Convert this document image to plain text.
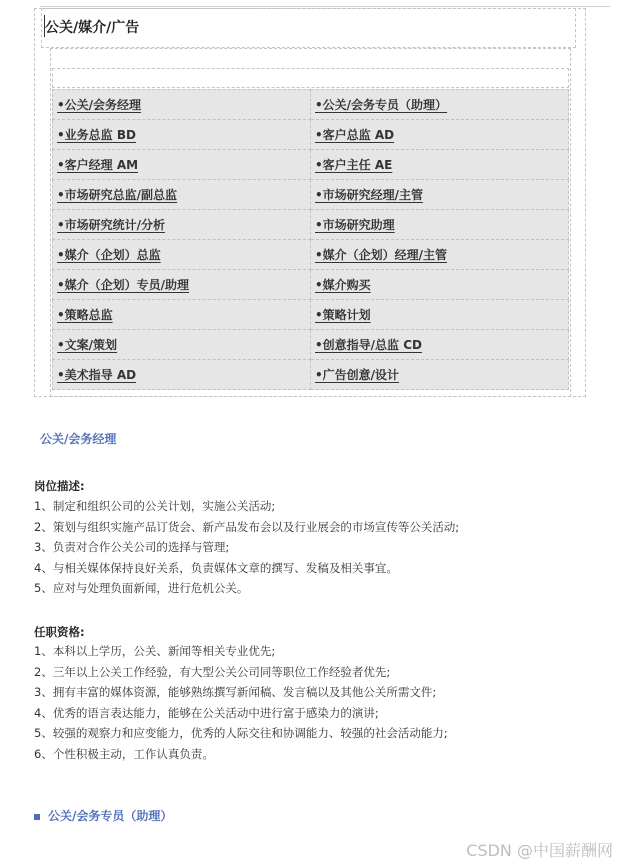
公关/媒介/广告
•公关/会务经理	•公关/会务专员（助理）
•业务总监 BD	•客户总监 AD
•客户经理 AM	•客户主任 AE
•市场研究总监/副总监	•市场研究经理/主管
•市场研究统计/分析	•市场研究助理
•媒介（企划）总监	•媒介（企划）经理/主管
•媒介（企划）专员/助理	•媒介购买
•策略总监	•策略计划
•文案/策划	•创意指导/总监 CD
•美术指导 AD	•广告创意/设计
公关/会务经理
岗位描述:
1、制定和组织公司的公关计划，实施公关活动;
2、策划与组织实施产品订货会、新产品发布会以及行业展会的市场宣传等公关活动;
3、负责对合作公关公司的选择与管理;
4、与相关媒体保持良好关系，负责媒体文章的撰写、发稿及相关事宜。
5、应对与处理负面新闻，进行危机公关。
任职资格:
1、本科以上学历，公关、新闻等相关专业优先;
2、三年以上公关工作经验，有大型公关公司同等职位工作经验者优先;
3、拥有丰富的媒体资源，能够熟练撰写新闻稿、发言稿以及其他公关所需文件;
4、优秀的语言表达能力，能够在公关活动中进行富于感染力的演讲;
5、较强的观察力和应变能力，优秀的人际交往和协调能力、较强的社会活动能力;
6、个性积极主动，工作认真负责。
公关/会务专员（助理）
CSDN @中国薪酬网
